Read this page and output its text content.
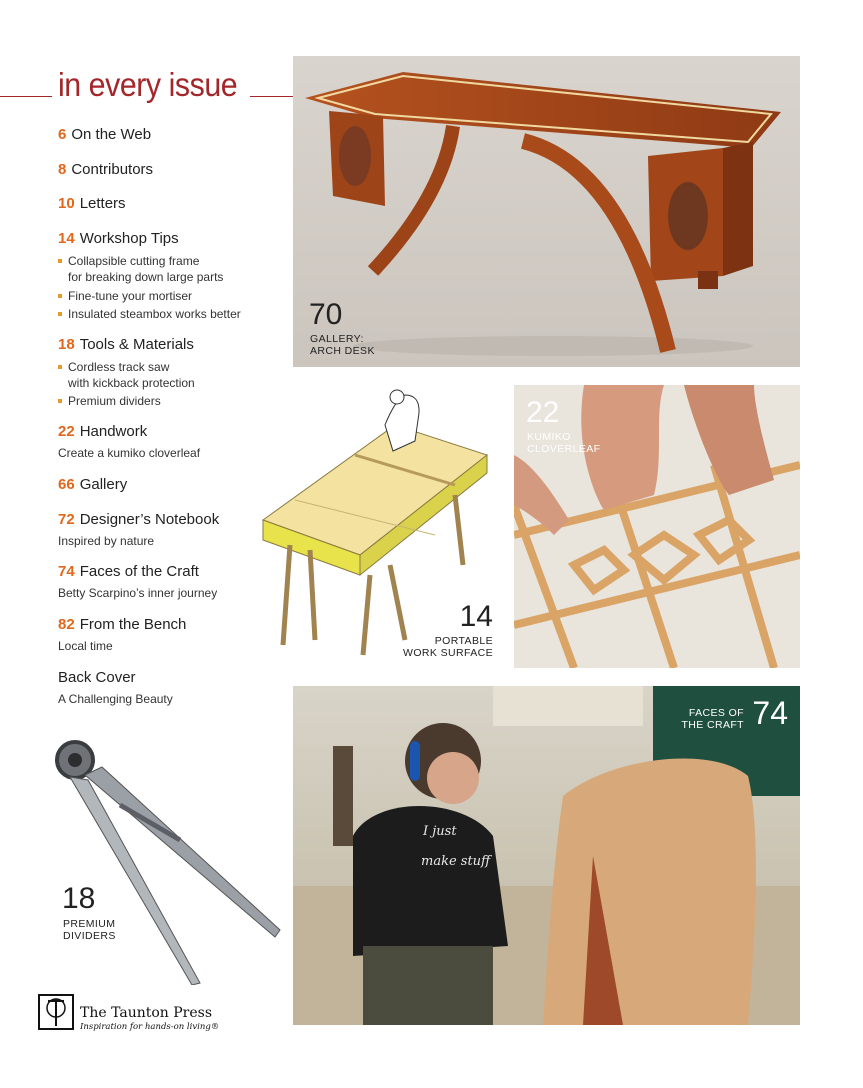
in every issue
6 On the Web
8 Contributors
10 Letters
14 Workshop Tips
Collapsible cutting frame
for breaking down large parts
Fine-tune your mortiser
Insulated steambox works better
18 Tools & Materials
Cordless track saw
with kickback protection
Premium dividers
22 Handwork
Create a kumiko cloverleaf
66 Gallery
72 Designer’s Notebook
Inspired by nature
74 Faces of the Craft
Betty Scarpino’s inner journey
82 From the Bench
Local time
Back Cover
A Challenging Beauty
70
GALLERY:
ARCH DESK
14
PORTABLE
WORK SURFACE
22
KUMIKO
CLOVERLEAF
I just
make stuff
FACES OF
THE CRAFT 74
18
PREMIUM
DIVIDERS
The Taunton Press
Inspiration for hands-on living®
